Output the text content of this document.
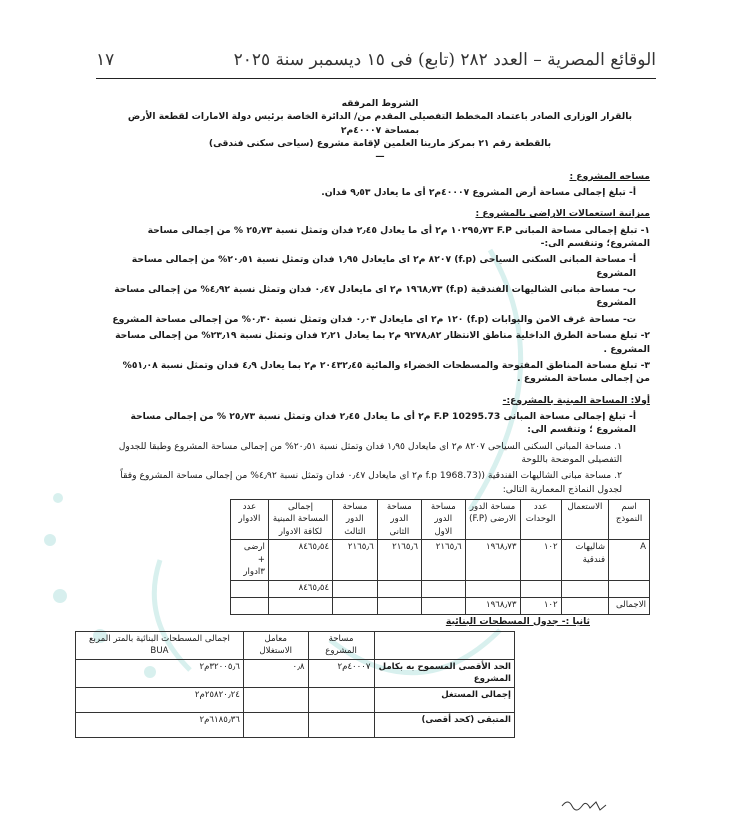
١٧	الوقائع المصرية – العدد ٢٨٢ (تابع) فى ١٥ ديسمبر سنة ٢٠٢٥
الشروط المرفقه
بالقرار الوزارى الصادر باعتماد المخطط التفصيلى المقدم من/ الدائرة الخاصة برئيس دولة الامارات لقطعة الأرض بمساحة ٤٠٠٠٧م٢
بالقطعة رقم ٢١ بمركز مارينا العلمين لإقامة مشروع (سياحى سكنى فندقى)
—
مساحه المشروع :
أ- تبلغ إجمالى مساحة أرض المشروع ٤٠٠٠٧م٢ أى ما يعادل ٩٫٥٣ فدان.
ميزانية استعمالات الاراضى بالمشروع :
١- تبلغ إجمالى مساحة المبانى F.P ١٠٢٩٥٫٧٣ م٢ أى ما يعادل ٢٫٤٥ فدان وتمثل نسبة ٢٥٫٧٣ % من إجمالى مساحة المشروع؛ وتنقسم الى:-
أ- مساحة المبانى السكنى السياحى (f.p) ٨٢٠٧ م٢ اى مايعادل ١٫٩٥ فدان وتمثل نسبة ٢٠٫٥١% من إجمالى مساحة المشروع
ب- مساحة مبانى الشاليهات الفندقية (f.p) ١٩٦٨٫٧٣ م٢ اى مايعادل ٠٫٤٧ فدان وتمثل نسبة ٤٫٩٢% من إجمالى مساحة المشروع
ت- مساحة غرف الامن والبوابات (f.p) ١٢٠ م٢ اى مايعادل ٠٫٠٣ فدان وتمثل نسبة ٠٫٣٠% من إجمالى مساحة المشروع
٢- تبلغ مساحة الطرق الداخلية مناطق الانتظار ٩٢٧٨٫٨٢ م٢ بما يعادل ٢٫٢١ فدان وتمثل نسبة ٢٣٫١٩% من إجمالى مساحة المشروع .
٣- تبلغ مساحة المناطق المفتوحة والمسطحات الخضراء والمائية ٢٠٤٣٢٫٤٥ م٢ بما يعادل ٤٫٩ فدان وتمثل نسبة ٥١٫٠٨% من إجمالى مساحة المشروع .
أولا: المساحة المبنية بالمشروع:-
أ- تبلغ إجمالى مساحة المبانى F.P 10295.73 م٢ أى ما يعادل ٢٫٤٥ فدان وتمثل نسبة ٢٥٫٧٣ % من إجمالى مساحة المشروع ؛ وتنقسم الى:
١. مساحة المبانى السكنى السياحى ٨٢٠٧ م٢ اى مايعادل ١٫٩٥ فدان وتمثل نسبة ٢٠٫٥١% من إجمالى مساحة المشروع وطبقا للجدول التفصيلى الموضحة باللوحة
٢. مساحة مبانى الشاليهات الفندقية ((1968.73 f.p م٢ اى مايعادل ٠٫٤٧ فدان وتمثل نسبة ٤٫٩٢% من إجمالى مساحة المشروع وفقاً لجدول النماذج المعمارية التالى:
اسم النموذج	الاستعمال	عدد الوحدات	مساحة الدور الارضى (F.P)	مساحة الدور الاول	مساحة الدور الثانى	مساحة الدور الثالث	إجمالى المساحة المبنية لكافة الادوار	عدد الادوار
A	شاليهات فندقية	١٠٢	١٩٦٨٫٧٣	٢١٦٥٫٦	٢١٦٥٫٦	٢١٦٥٫٦	٨٤٦٥٫٥٤	ارضى + ٣ادوار
							٨٤٦٥٫٥٤	
الاجمالى		١٠٢	١٩٦٨٫٧٣					
ثانيا :- جدول المسطحات البنائية
	مساحة المشروع	معامل الاستغلال	اجمالى المسطحات البنائية بالمتر المربع BUA
الحد الأقصى المسموح به بكامل المشروع	٤٠٠٠٧م٢	٠٫٨	٣٢٠٠٥٫٦م٢
إجمالى المستغل			٢٥٨٢٠٫٢٤م٢
المتبقى (كحد أقصى)			٦١٨٥٫٣٦م٢
